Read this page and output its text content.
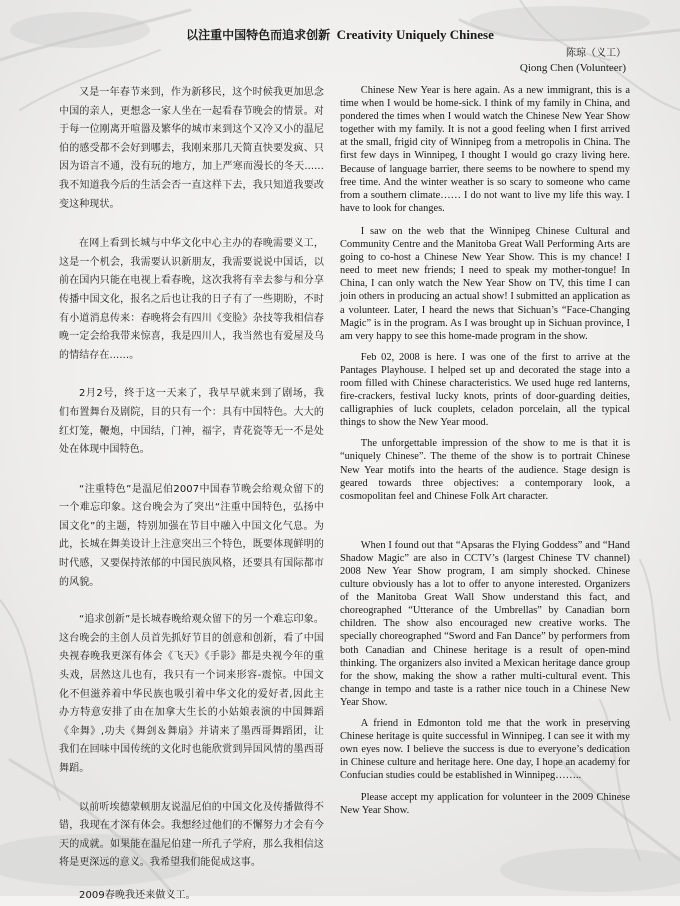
以注重中国特色而追求创新 Creativity Uniquely Chinese
陈琼（义工）
Qiong Chen (Volunteer)

又是一年春节来到，作为新移民，这个时候我更加思念中国的亲人，更想念一家人坐在一起看春节晚会的情景。对于每一位刚离开喧嚣及繁华的城市来到这个又冷又小的温尼伯的感受都不会好到哪去，我刚来那几天简直快要发疯、只因为语言不通，没有玩的地方，加上严寒而漫长的冬天......我不知道我今后的生活会否一直这样下去，我只知道我要改变这种现状。

在网上看到长城与中华文化中心主办的春晚需要义工，这是一个机会，我需要认识新朋友，我需要说说中国话，以前在国内只能在电视上看春晚，这次我将有幸去参与和分享传播中国文化，报名之后也让我的日子有了一些期盼，不时有小道消息传来：春晚将会有四川《变脸》杂技等我相信春晚一定会给我带来惊喜，我是四川人，我当然也有爱屋及乌的情结存在......。

2月2号，终于这一天来了，我早早就来到了剧场，我们布置舞台及剧院，目的只有一个：具有中国特色。大大的红灯笼，鞭炮，中国结，门神，福字，青花瓷等无一不是处处在体现中国特色。

“注重特色”是温尼伯2007中国春节晚会给观众留下的一个难忘印象。这台晚会为了突出“注重中国特色，弘扬中国文化”的主题，特别加强在节目中融入中国文化气息。为此，长城在舞美设计上注意突出三个特色，既要体现鲜明的时代感，又要保持浓郁的中国民族风格，还要具有国际都市的风貌。

“追求创新”是长城春晚给观众留下的另一个难忘印象。这台晚会的主创人员首先抓好节目的创意和创新，看了中国央视春晚我更深有体会《飞天》《手影》都是央视今年的重头戏，居然这儿也有，我只有一个词来形容-震惊。中国文化不但滋养着中华民族也吸引着中华文化的爱好者,因此主办方特意安排了由在加拿大生长的小姑娘表演的中国舞蹈《伞舞》,功夫《舞剑＆舞扇》并请来了墨西哥舞蹈团，让我们在回味中国传统的文化时也能欣赏到异国风情的墨西哥舞蹈。

以前听埃德蒙顿朋友说温尼伯的中国文化及传播做得不错，我现在才深有体会。我想经过他们的不懈努力才会有今天的成就。如果能在温尼伯建一所孔子学府，那么我相信这将是更深远的意义。我希望我们能促成这事。

2009春晚我还来做义工。

Chinese New Year is here again. As a new immigrant, this is a time when I would be home-sick. I think of my family in China, and pondered the times when I would watch the Chinese New Year Show together with my family. It is not a good feeling when I first arrived at the small, frigid city of Winnipeg from a metropolis in China. The first few days in Winnipeg, I thought I would go crazy living here. Because of language barrier, there seems to be nowhere to spend my free time. And the winter weather is so scary to someone who came from a southern climate…… I do not want to live my life this way. I have to look for changes.

I saw on the web that the Winnipeg Chinese Cultural and Community Centre and the Manitoba Great Wall Performing Arts are going to co-host a Chinese New Year Show. This is my chance! I need to meet new friends; I need to speak my mother-tongue! In China, I can only watch the New Year Show on TV, this time I can join others in producing an actual show! I submitted an application as a volunteer. Later, I heard the news that Sichuan’s “Face-Changing Magic” is in the program. As I was brought up in Sichuan province, I am very happy to see this home-made program in the show.

Feb 02, 2008 is here. I was one of the first to arrive at the Pantages Playhouse. I helped set up and decorated the stage into a room filled with Chinese characteristics. We used huge red lanterns, fire-crackers, festival lucky knots, prints of door-guarding deities, calligraphies of luck couplets, celadon porcelain, all the typical things to show the New Year mood.

The unforgettable impression of the show to me is that it is “uniquely Chinese”. The theme of the show is to portrait Chinese New Year motifs into the hearts of the audience. Stage design is geared towards three objectives: a contemporary look, a cosmopolitan feel and Chinese Folk Art character.

When I found out that “Apsaras the Flying Goddess” and “Hand Shadow Magic” are also in CCTV’s (largest Chinese TV channel) 2008 New Year Show program, I am simply shocked. Chinese culture obviously has a lot to offer to anyone interested. Organizers of the Manitoba Great Wall Show understand this fact, and choreographed “Utterance of the Umbrellas” by Canadian born children. The show also encouraged new creative works. The specially choreographed “Sword and Fan Dance” by performers from both Canadian and Chinese heritage is a result of open-mind thinking. The organizers also invited a Mexican heritage dance group for the show, making the show a rather multi-cultural event. This change in tempo and taste is a rather nice touch in a Chinese New Year Show.

A friend in Edmonton told me that the work in preserving Chinese heritage is quite successful in Winnipeg. I can see it with my own eyes now. I believe the success is due to everyone’s dedication in Chinese culture and heritage here. One day, I hope an academy for Confucian studies could be established in Winnipeg……..

Please accept my application for volunteer in the 2009 Chinese New Year Show.
